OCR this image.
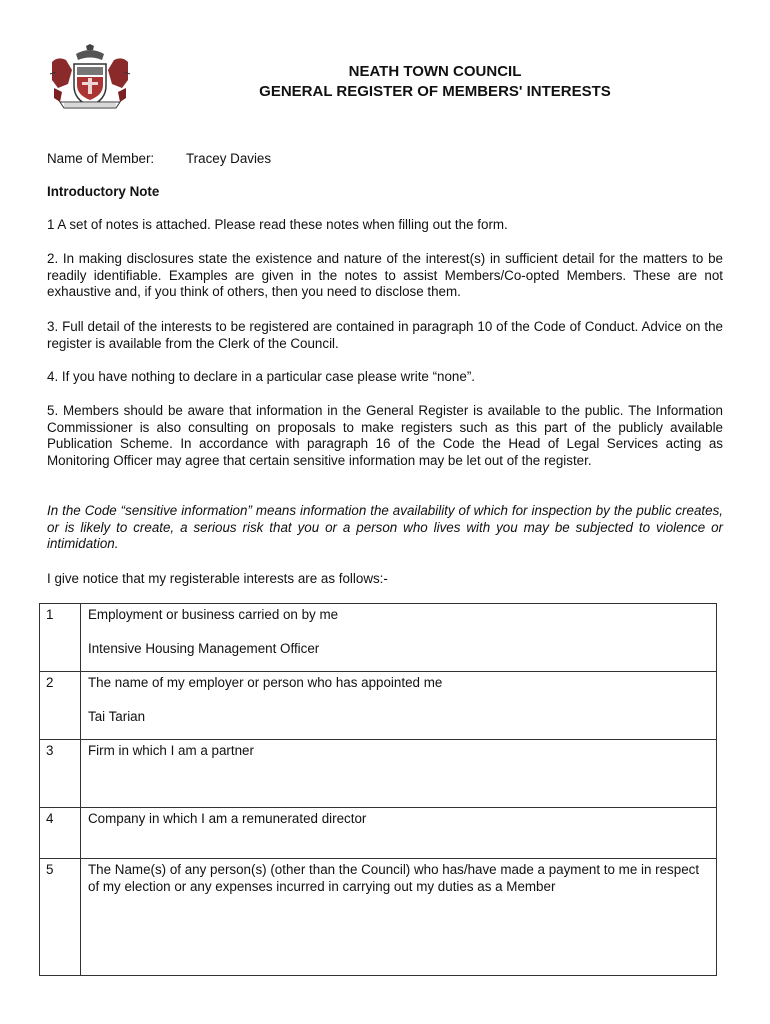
NEATH TOWN COUNCIL
GENERAL REGISTER OF MEMBERS' INTERESTS

Name of Member: Tracey Davies

Introductory Note

1 A set of notes is attached. Please read these notes when filling out the form.

2. In making disclosures state the existence and nature of the interest(s) in sufficient detail for the matters to be readily identifiable. Examples are given in the notes to assist Members/Co-opted Members. These are not exhaustive and, if you think of others, then you need to disclose them.

3. Full detail of the interests to be registered are contained in paragraph 10 of the Code of Conduct. Advice on the register is available from the Clerk of the Council.

4. If you have nothing to declare in a particular case please write “none”.

5. Members should be aware that information in the General Register is available to the public. The Information Commissioner is also consulting on proposals to make registers such as this part of the publicly available Publication Scheme. In accordance with paragraph 16 of the Code the Head of Legal Services acting as Monitoring Officer may agree that certain sensitive information may be let out of the register.

In the Code “sensitive information” means information the availability of which for inspection by the public creates, or is likely to create, a serious risk that you or a person who lives with you may be subjected to violence or intimidation.

I give notice that my registerable interests are as follows:-

1	Employment or business carried on by me
Intensive Housing Management Officer

2	The name of my employer or person who has appointed me
Tai Tarian

3	Firm in which I am a partner

4	Company in which I am a remunerated director

5	The Name(s) of any person(s) (other than the Council) who has/have made a payment to me in respect of my election or any expenses incurred in carrying out my duties as a Member
